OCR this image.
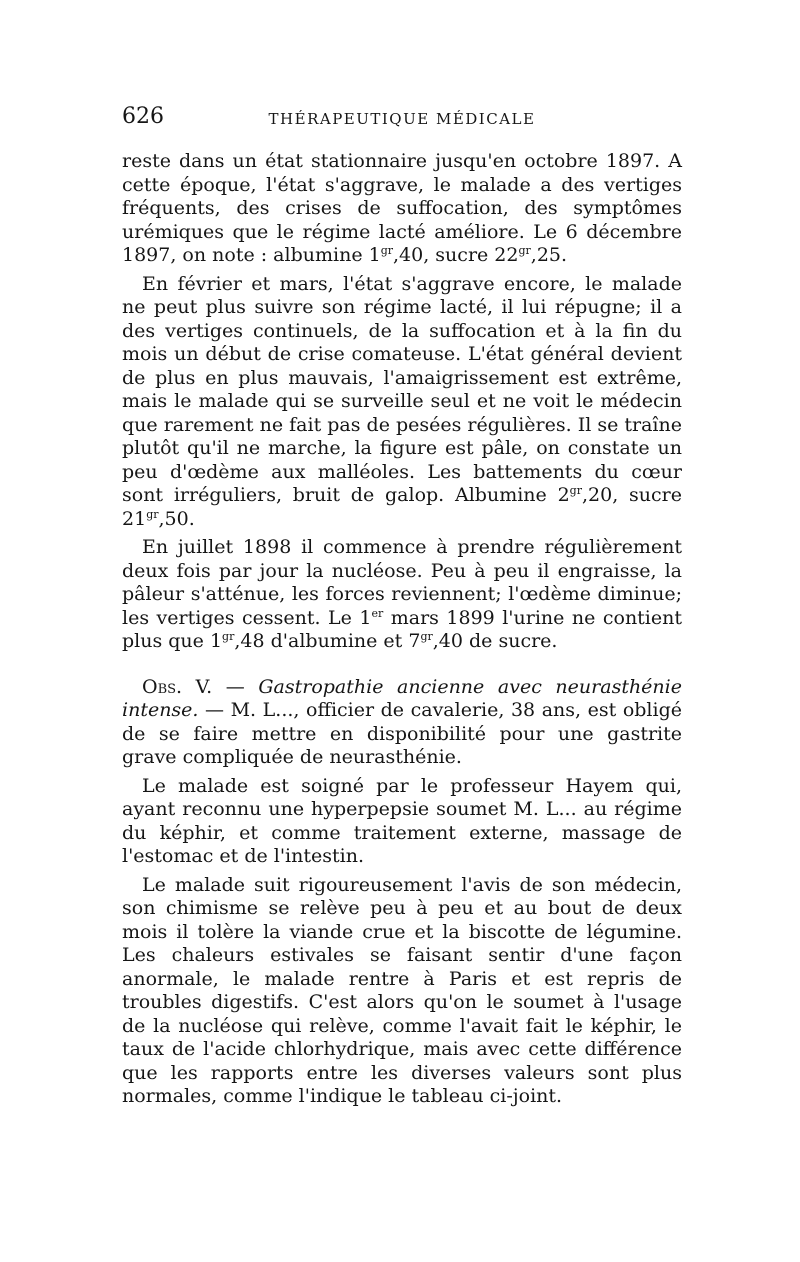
626	THÉRAPEUTIQUE MÉDICALE

reste dans un état stationnaire jusqu'en octobre 1897. A cette époque, l'état s'aggrave, le malade a des vertiges fréquents, des crises de suffocation, des symptômes urémiques que le régime lacté améliore. Le 6 décembre 1897, on note : albumine $1^{gr},40$, sucre $22^{gr},25$.

En février et mars, l'état s'aggrave encore, le malade ne peut plus suivre son régime lacté, il lui répugne; il a des vertiges continuels, de la suffocation et à la fin du mois un début de crise comateuse. L'état général devient de plus en plus mauvais, l'amaigrissement est extrême, mais le malade qui se surveille seul et ne voit le médecin que rarement ne fait pas de pesées régulières. Il se traîne plutôt qu'il ne marche, la figure est pâle, on constate un peu d'œdème aux malléoles. Les battements du cœur sont irréguliers, bruit de galop. Albumine $2^{gr},20$, sucre $21^{gr},50$.

En juillet 1898 il commence à prendre régulièrement deux fois par jour la nucléose. Peu à peu il engraisse, la pâleur s'atténue, les forces reviennent; l'œdème diminue; les vertiges cessent. Le 1er mars 1899 l'urine ne contient plus que $1^{gr},48$ d'albumine et $7^{gr},40$ de sucre.

Obs. V. — Gastropathie ancienne avec neurasthénie intense. — M. L..., officier de cavalerie, 38 ans, est obligé de se faire mettre en disponibilité pour une gastrite grave compliquée de neurasthénie.

Le malade est soigné par le professeur Hayem qui, ayant reconnu une hyperpepsie soumet M. L... au régime du képhir, et comme traitement externe, massage de l'estomac et de l'intestin.

Le malade suit rigoureusement l'avis de son médecin, son chimisme se relève peu à peu et au bout de deux mois il tolère la viande crue et la biscotte de légumine. Les chaleurs estivales se faisant sentir d'une façon anormale, le malade rentre à Paris et est repris de troubles digestifs. C'est alors qu'on le soumet à l'usage de la nucléose qui relève, comme l'avait fait le képhir, le taux de l'acide chlorhydrique, mais avec cette différence que les rapports entre les diverses valeurs sont plus normales, comme l'indique le tableau ci-joint.
